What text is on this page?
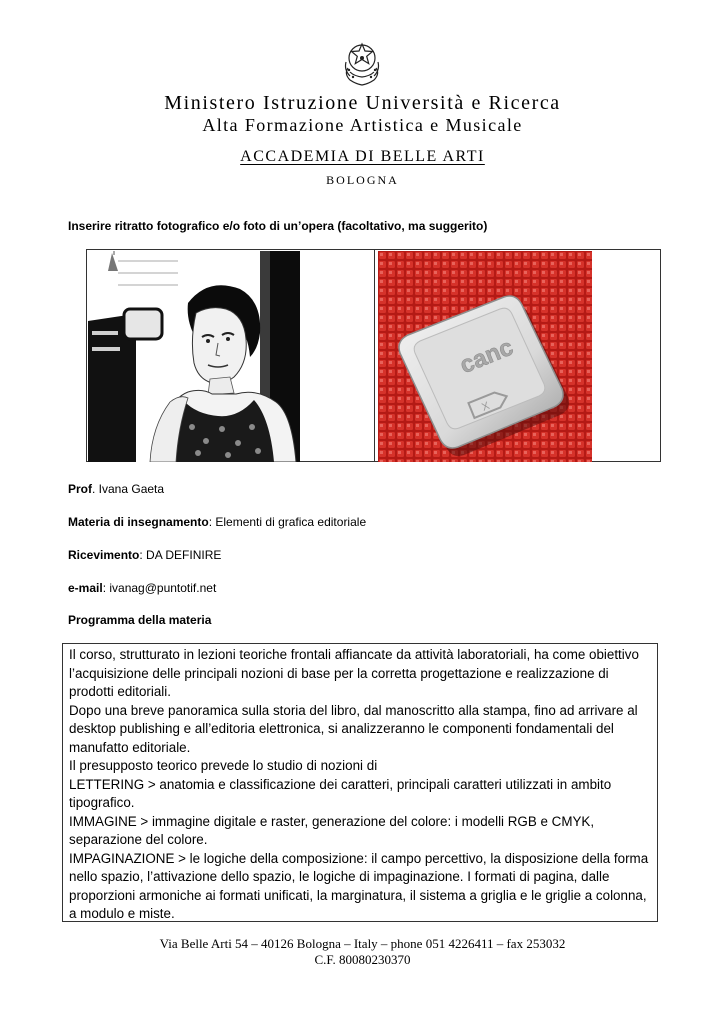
Ministero Istruzione Università e Ricerca
Alta Formazione Artistica e Musicale
ACCADEMIA DI BELLE ARTI
BOLOGNA
Inserire ritratto fotografico e/o foto di un’opera (facoltativo, ma suggerito)
canc
X
Prof. Ivana Gaeta
Materia di insegnamento: Elementi di grafica editoriale
Ricevimento: DA DEFINIRE
e-mail: ivanag@puntotif.net
Programma della materia

Il corso, strutturato in lezioni teoriche frontali affiancate da attività laboratoriali, ha come obiettivo l’acquisizione delle principali nozioni di base per la corretta progettazione e realizzazione di prodotti editoriali.

Dopo una breve panoramica sulla storia del libro, dal manoscritto alla stampa, fino ad arrivare al desktop publishing e all’editoria elettronica, si analizzeranno le componenti fondamentali del manufatto editoriale.

Il presupposto teorico prevede lo studio di nozioni di

LETTERING > anatomia e classificazione dei caratteri, principali caratteri utilizzati in ambito tipografico.

IMMAGINE > immagine digitale e raster, generazione del colore: i modelli RGB e CMYK, separazione del colore.

IMPAGINAZIONE > le logiche della composizione: il campo percettivo, la disposizione della forma nello spazio, l’attivazione dello spazio, le logiche di impaginazione. I formati di pagina, dalle proporzioni armoniche ai formati unificati, la marginatura, il sistema a griglia e le griglie a colonna, a modulo e miste.

Via Belle Arti 54 – 40126 Bologna – Italy – phone 051 4226411 – fax 253032
C.F. 80080230370
